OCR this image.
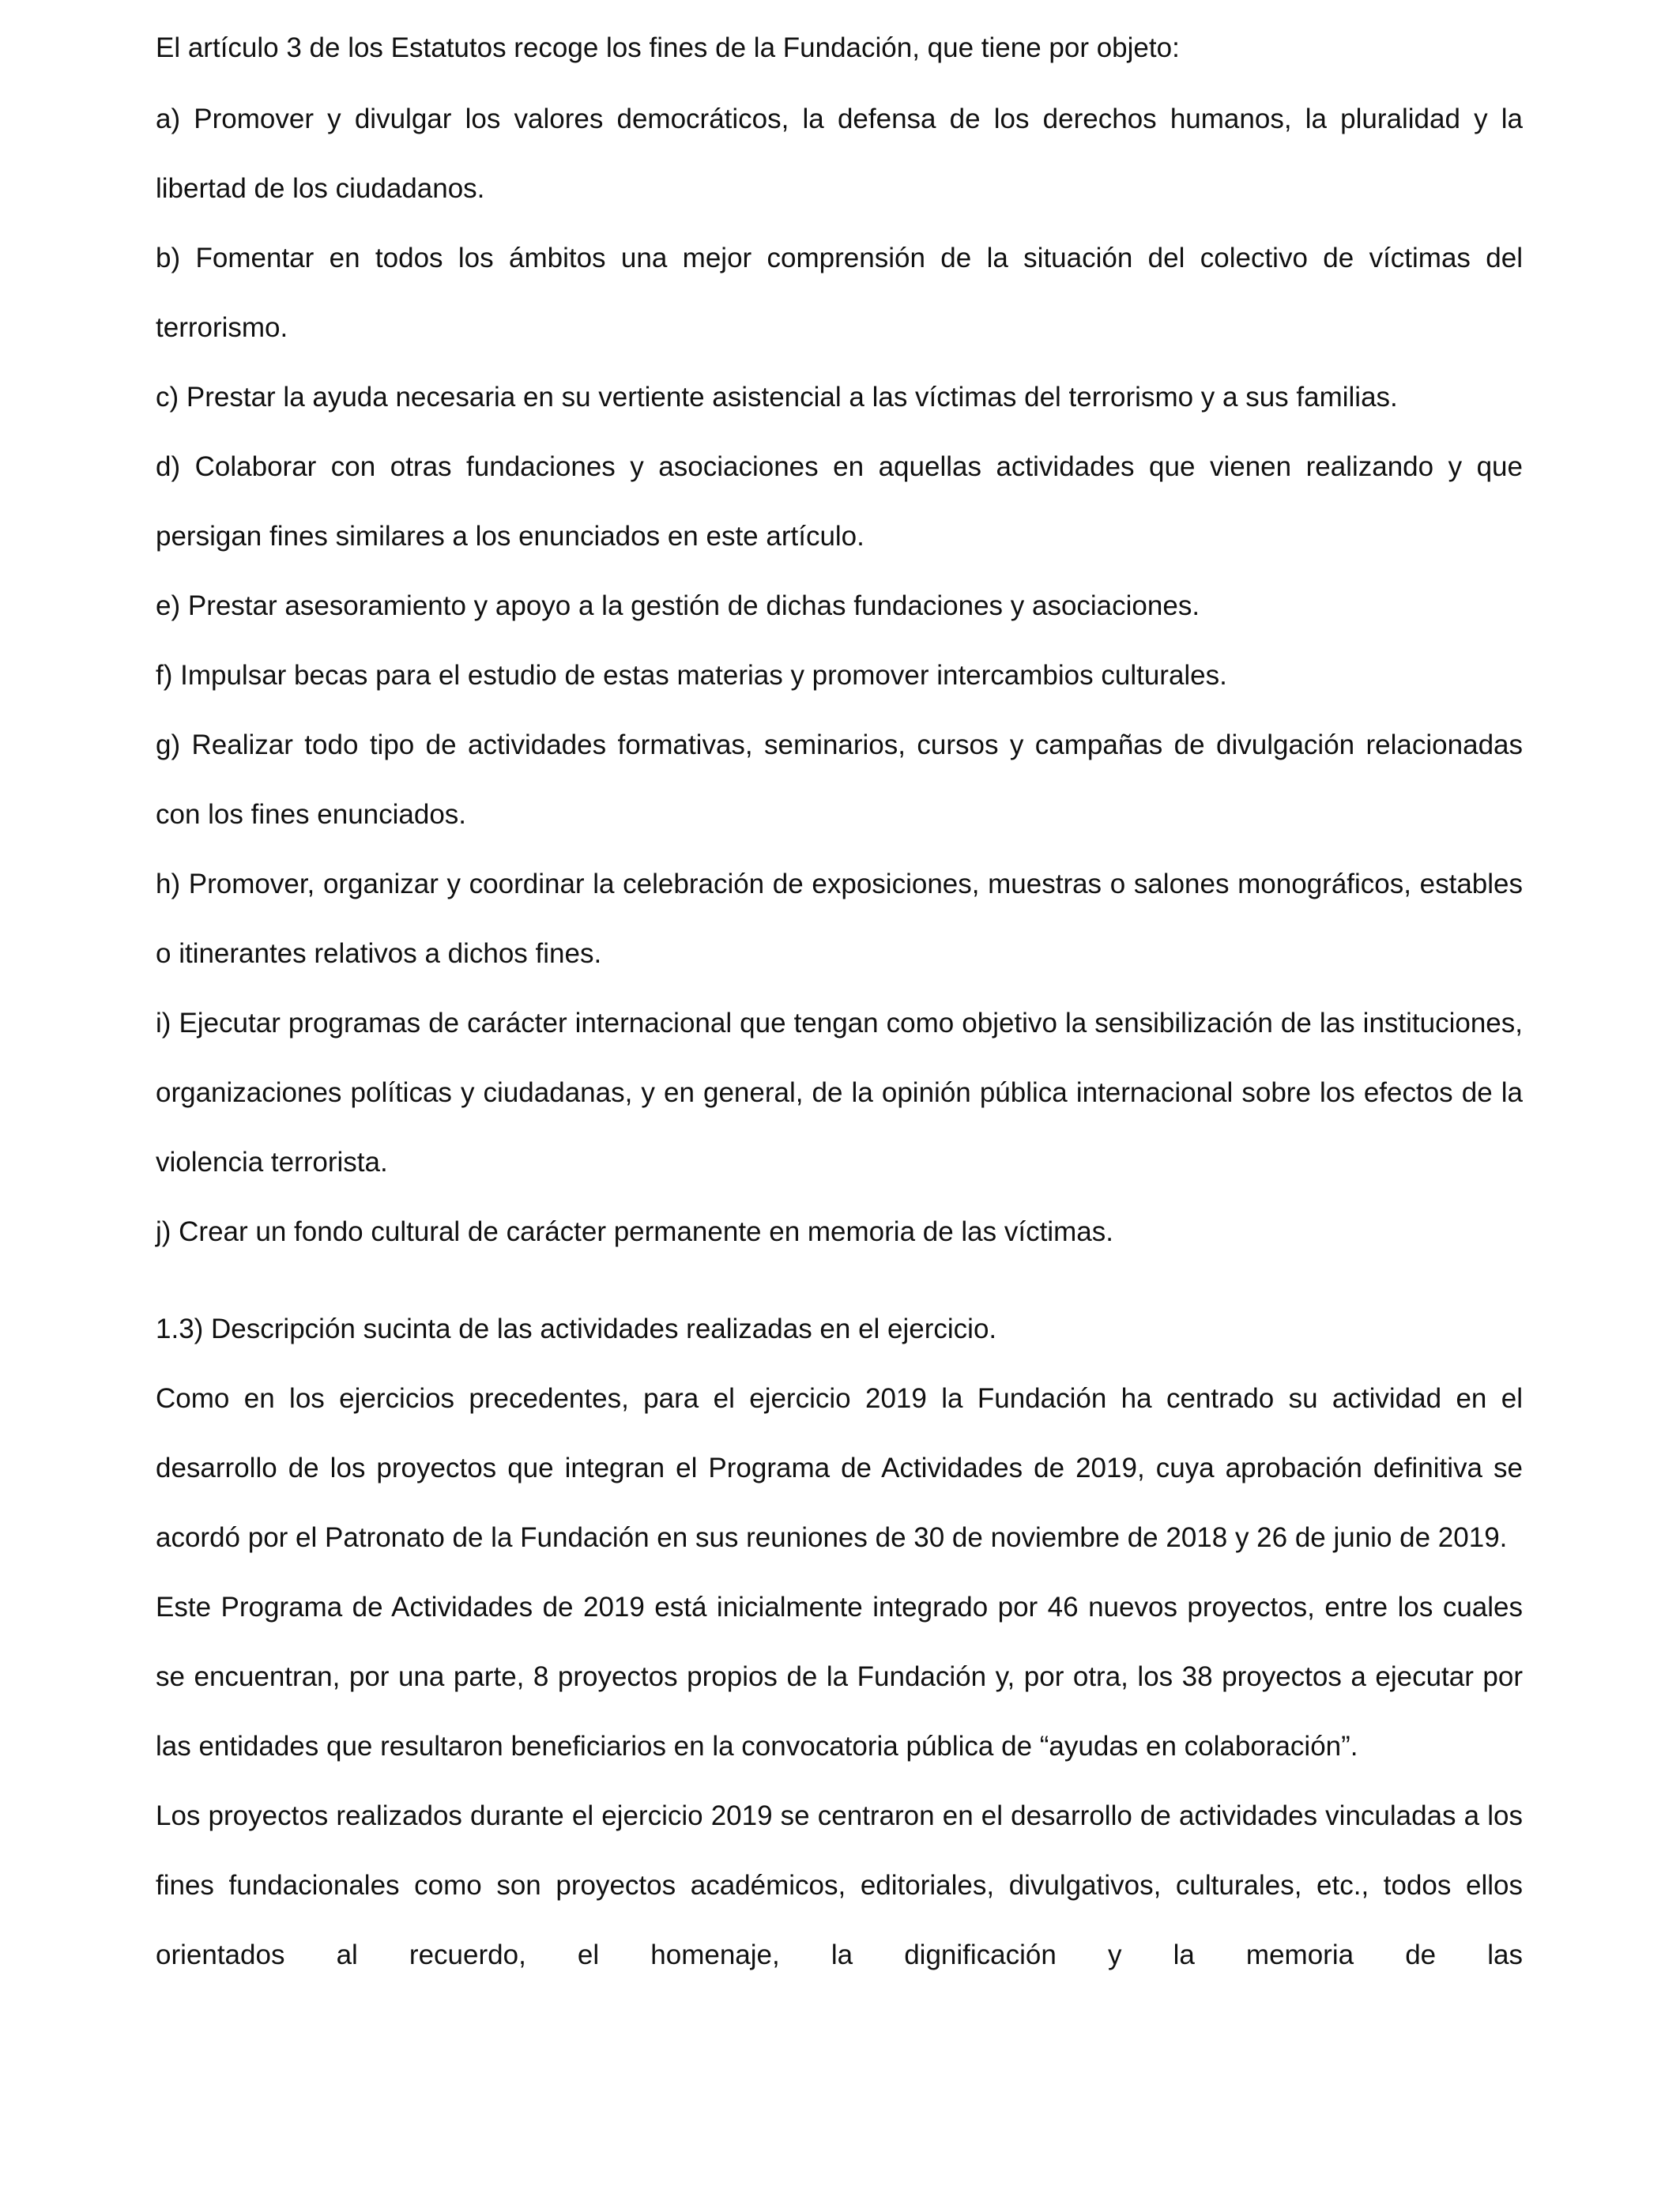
El artículo 3 de los Estatutos recoge los fines de la Fundación, que tiene por objeto:

a) Promover y divulgar los valores democráticos, la defensa de los derechos humanos, la pluralidad y la libertad de los ciudadanos.

b) Fomentar en todos los ámbitos una mejor comprensión de la situación del colectivo de víctimas del terrorismo.

c) Prestar la ayuda necesaria en su vertiente asistencial a las víctimas del terrorismo y a sus familias.

d) Colaborar con otras fundaciones y asociaciones en aquellas actividades que vienen realizando y que persigan fines similares a los enunciados en este artículo.

e) Prestar asesoramiento y apoyo a la gestión de dichas fundaciones y asociaciones.

f) Impulsar becas para el estudio de estas materias y promover intercambios culturales.

g) Realizar todo tipo de actividades formativas, seminarios, cursos y campañas de divulgación relacionadas con los fines enunciados.

h) Promover, organizar y coordinar la celebración de exposiciones, muestras o salones monográficos, estables o itinerantes relativos a dichos fines.

i) Ejecutar programas de carácter internacional que tengan como objetivo la sensibilización de las instituciones, organizaciones políticas y ciudadanas, y en general, de la opinión pública internacional sobre los efectos de la violencia terrorista.

j) Crear un fondo cultural de carácter permanente en memoria de las víctimas.

1.3) Descripción sucinta de las actividades realizadas en el ejercicio.

Como en los ejercicios precedentes, para el ejercicio 2019 la Fundación ha centrado su actividad en el desarrollo de los proyectos que integran el Programa de Actividades de 2019, cuya aprobación definitiva se acordó por el Patronato de la Fundación en sus reuniones de 30 de noviembre de 2018 y 26 de junio de 2019.

Este Programa de Actividades de 2019 está inicialmente integrado por 46 nuevos proyectos, entre los cuales se encuentran, por una parte, 8 proyectos propios de la Fundación y, por otra, los 38 proyectos a ejecutar por las entidades que resultaron beneficiarios en la convocatoria pública de “ayudas en colaboración”.

Los proyectos realizados durante el ejercicio 2019 se centraron en el desarrollo de actividades vinculadas a los fines fundacionales como son proyectos académicos, editoriales, divulgativos, culturales, etc., todos ellos orientados al recuerdo, el homenaje, la dignificación y la memoria de las
